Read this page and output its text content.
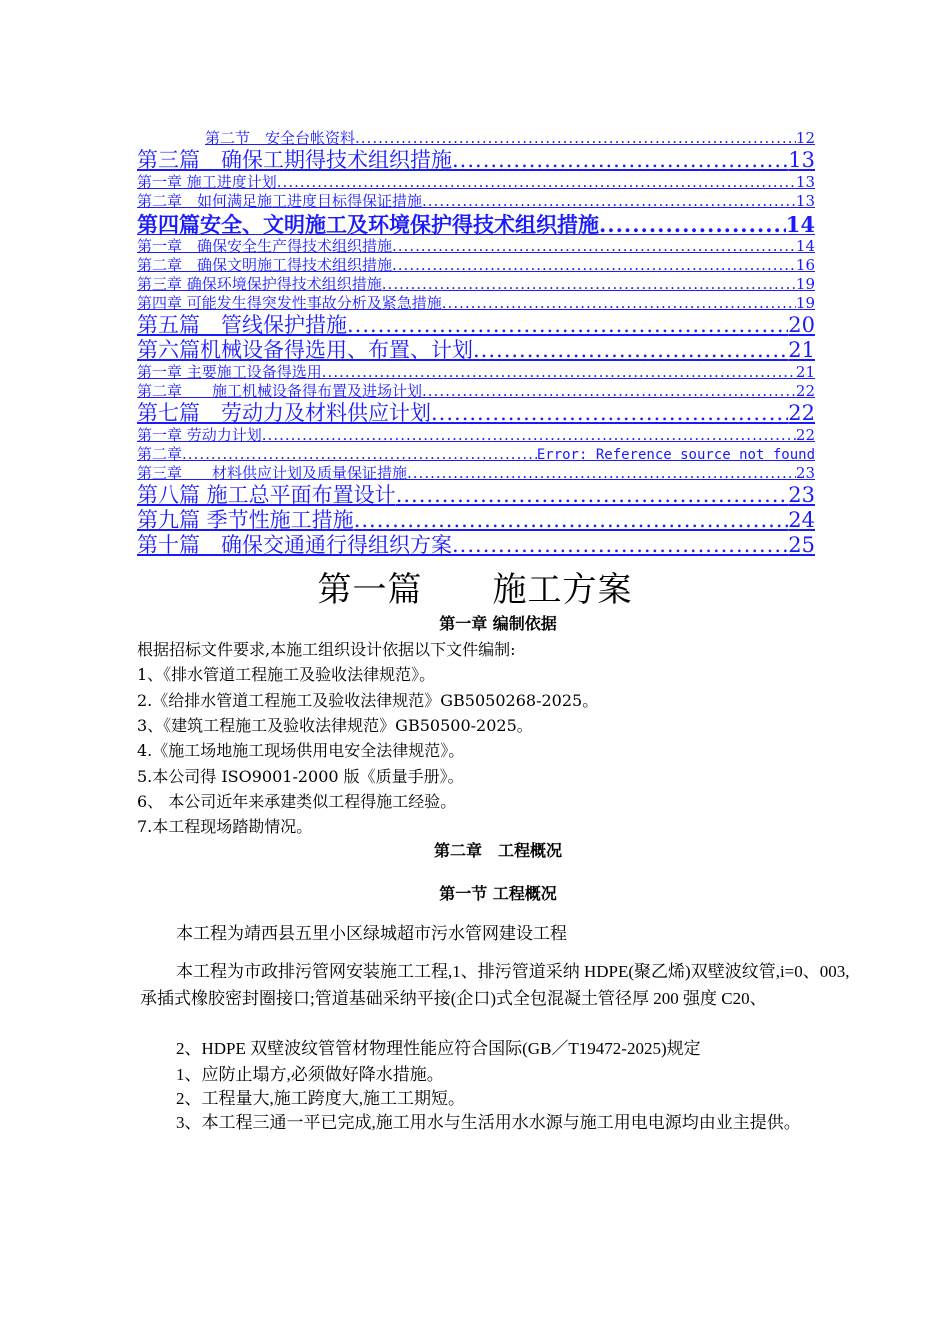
第二节　安全台帐资料 .....	12
第三篇　确保工期得技术组织措施 .....	13
第一章 施工进度计划 .....	13
第二章　如何满足施工进度目标得保证措施 .....	13
第四篇安全、文明施工及环境保护得技术组织措施 .....	14
第一章　确保安全生产得技术组织措施 .....	14
第二章　确保文明施工得技术组织措施 .....	16
第三章 确保环境保护得技术组织措施 .....	19
第四章 可能发生得突发性事故分析及紧急措施 .....	19
第五篇　管线保护措施 .....	20
第六篇机械设备得选用、布置、计划 .....	21
第一章 主要施工设备得选用 .....	21
第二章　　施工机械设备得布置及进场计划 .....	22
第七篇　劳动力及材料供应计划 .....	22
第一章 劳动力计划 .....	22
第二章 .....	Error: Reference source not found
第三章　　材料供应计划及质量保证措施 .....	23
第八篇 施工总平面布置设计 .....	23
第九篇 季节性施工措施 .....	24
第十篇　确保交通通行得组织方案 .....	25
第一篇 施工方案
第一章 编制依据
根据招标文件要求,本施工组织设计依据以下文件编制:
1、《排水管道工程施工及验收法律规范》。
2.《给排水管道工程施工及验收法律规范》GB5050268-2025。
3、《建筑工程施工及验收法律规范》GB50500-2025。
4.《施工场地施工现场供用电安全法律规范》。
5.本公司得 ISO9001-2000 版《质量手册》。
6、 本公司近年来承建类似工程得施工经验。
7.本工程现场踏勘情况。
第二章　工程概况
第一节 工程概况
本工程为靖西县五里小区绿城超市污水管网建设工程
本工程为市政排污管网安装施工工程,1、排污管道采纳 HDPE(聚乙烯)双壁波纹管,i=0、003,承插式橡胶密封圈接口;管道基础采纳平接(企口)式全包混凝土管径厚 200 强度 C20、
2、HDPE 双壁波纹管管材物理性能应符合国际(GB／T19472-2025)规定
1、应防止塌方,必须做好降水措施。
2、工程量大,施工跨度大,施工工期短。
3、本工程三通一平已完成,施工用水与生活用水水源与施工用电电源均由业主提供。
